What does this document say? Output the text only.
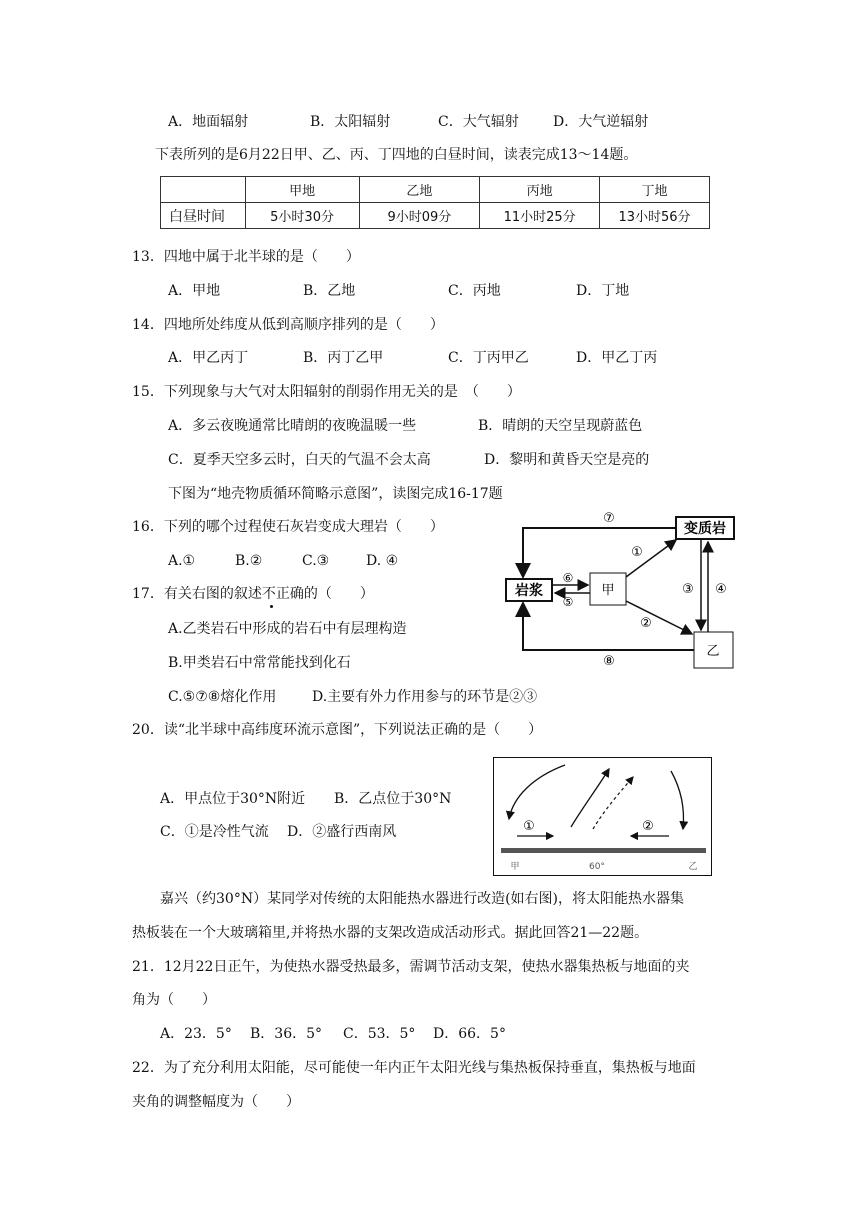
A．地面辐射	B．太阳辐射	C．大气辐射 D．大气逆辐射
下表所列的是6月22日甲、乙、丙、丁四地的白昼时间，读表完成13～14题。
	甲地	乙地	丙地	丁地
白昼时间	5小时30分	9小时09分	11小时25分	13小时56分
13．四地中属于北半球的是（　　）
A．甲地	B．乙地	C．丙地	D．丁地
14．四地所处纬度从低到高顺序排列的是（　　）
A．甲乙丙丁	B．丙丁乙甲	C．丁丙甲乙	D．甲乙丁丙
15．下列现象与大气对太阳辐射的削弱作用无关的是　（　　）
A．多云夜晚通常比晴朗的夜晚温暖一些	B．晴朗的天空呈现蔚蓝色
C．夏季天空多云时，白天的气温不会太高	D．黎明和黄昏天空是亮的
下图为“地壳物质循环简略示意图”，读图完成16-17题
16．下列的哪个过程使石灰岩变成大理岩（　　）
A.①	B.②	C.③	D. ④
17．有关右图的叙述不正确的（　　）
A.乙类岩石中形成的岩石中有层理构造
B.甲类岩石中常常能找到化石
C.⑤⑦⑧熔化作用	D.主要有外力作用参与的环节是②③
岩浆
变质岩
甲
乙
⑦
⑧
⑥
⑤
①
②
③ ④
20．读“北半球中高纬度环流示意图”，下列说法正确的是（　　）
A．甲点位于30°N附近 B．乙点位于30°N
C．①是冷性气流 D．②盛行西南风	①	②
甲	60°	乙
嘉兴（约30°N）某同学对传统的太阳能热水器进行改造(如右图)，将太阳能热水器集
热板装在一个大玻璃箱里,并将热水器的支架改造成活动形式。据此回答21—22题。
21．12月22日正午，为使热水器受热最多，需调节活动支架，使热水器集热板与地面的夹
角为（　　）
A．23．5° B．36．5° C．53．5° D．66．5°
22．为了充分利用太阳能，尽可能使一年内正午太阳光线与集热板保持垂直，集热板与地面
夹角的调整幅度为（　　）
